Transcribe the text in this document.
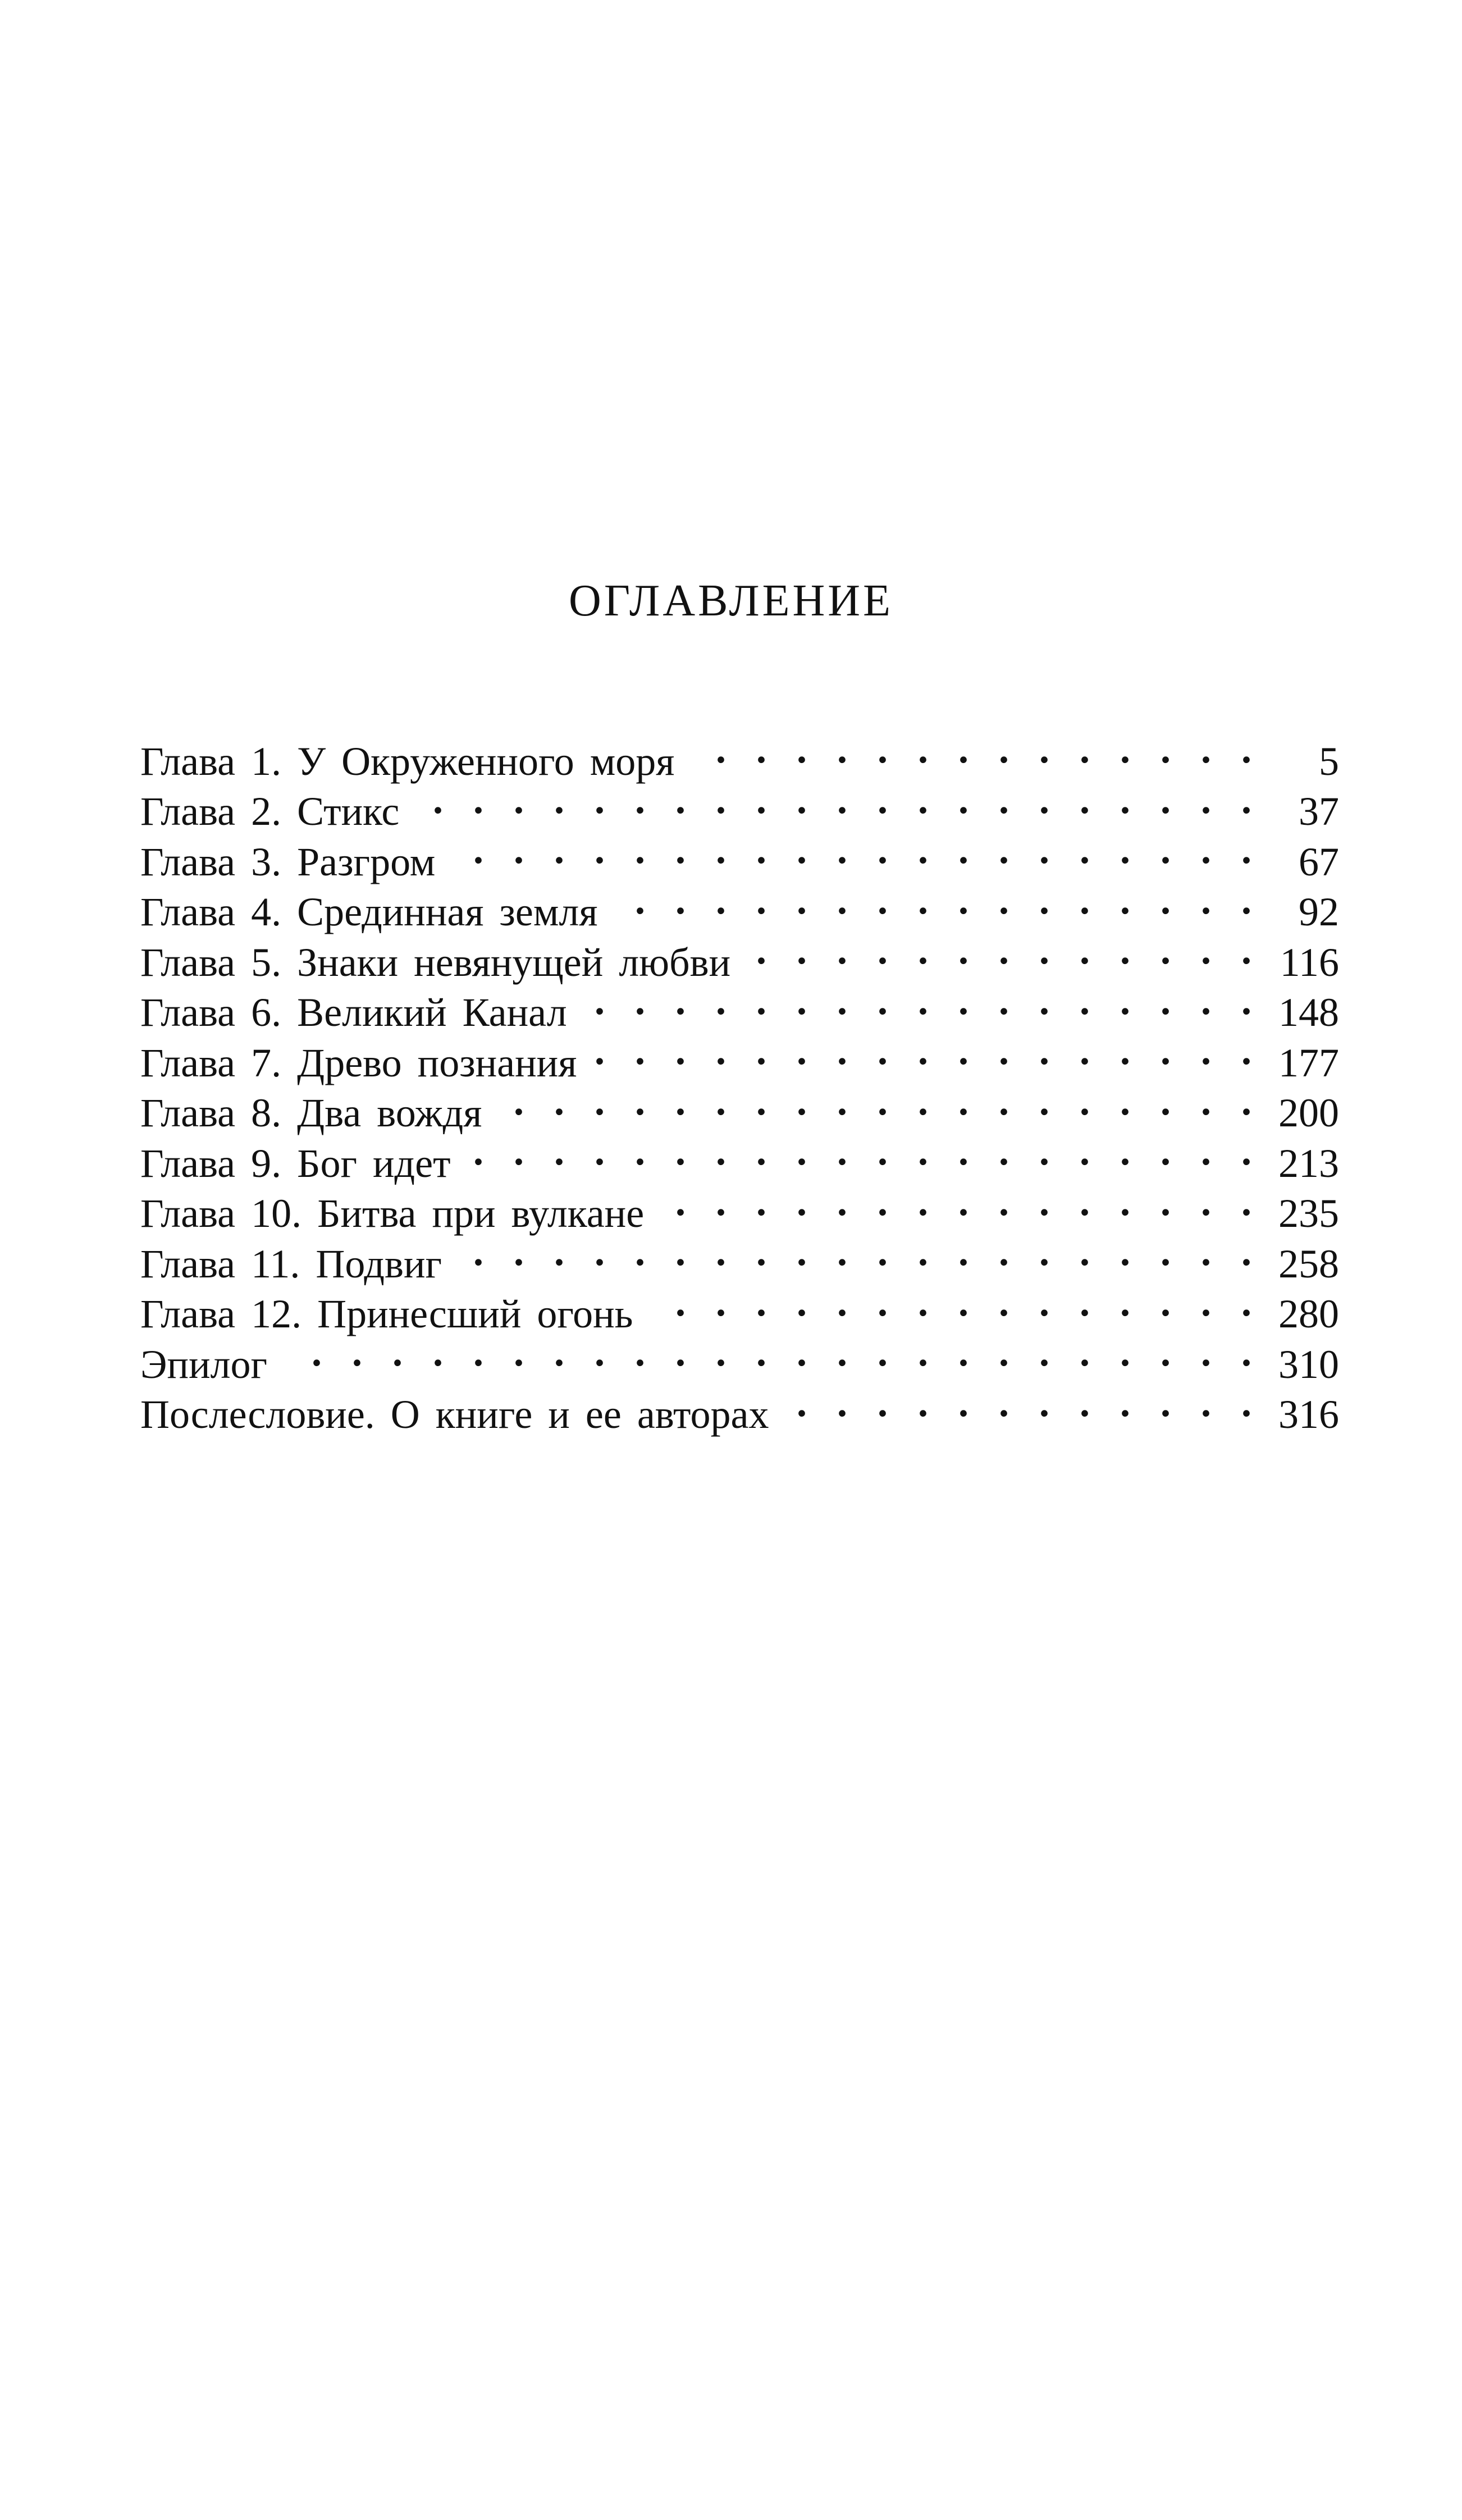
ОГЛАВЛЕНИЕ
Глава 1. У Окруженного моря . . .	5
Глава 2. Стикс . . .	37
Глава 3. Разгром . . .	67
Глава 4. Срединная земля . . .	92
Глава 5. Знаки невянущей любви . . .	116
Глава 6. Великий Канал . . .	148
Глава 7. Древо познания . . .	177
Глава 8. Два вождя . . .	200
Глава 9. Бог идет . . .	213
Глава 10. Битва при вулкане . . .	235
Глава 11. Подвиг . . .	258
Глава 12. Принесший огонь . . .	280
Эпилог . . .	310
Послесловие. О книге и ее авторах . . .	316
